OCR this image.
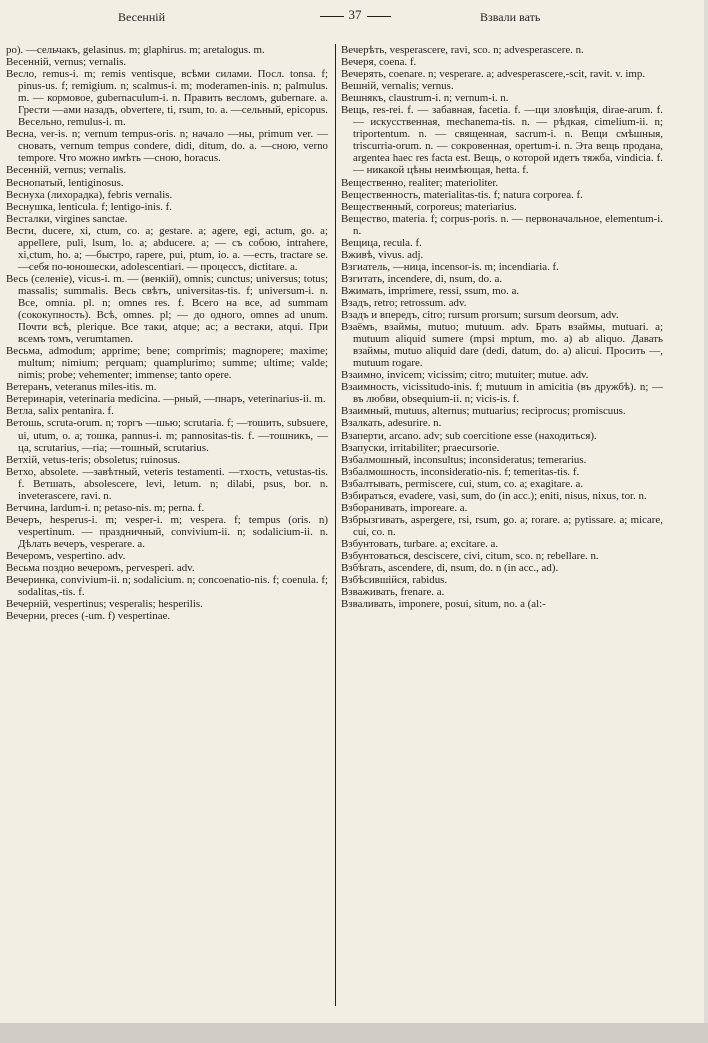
Весенній	37	Взвали вать

ро). —сельчакъ, gelasinus. m; glaphirus. m; aretalogus. m.

Весенній, vernus; vernalis.

Весло, remus-i. m; remis ventisque, всѣми силами. Посл. tonsa. f; pinus-us. f; remigium. n; scalmus-i. m; moderamen-inis. n; palmulus. m. — кормовое, gubernaculum-i. n. Править весломъ, gubernare. a. Грести —ами назадъ, obvertere, ti, rsum, to. a. —сельный, epicopus. Весельно, remulus-i. m.

Весна, ver-is. n; vernum tempus-oris. n; начало —ны, primum ver. —сновать, vernum tempus condere, didi, ditum, do. a. —сною, verno tempore. Что можно имѣть —сною, horacus.

Весенній, vernus; vernalis.

Веснопатый, lentiginosus.

Веснуха (лихорадка), febris vernalis.

Веснушка, lenticula. f; lentigo-inis. f.

Весталки, virgines sanctae.

Вести, ducere, xi, ctum, co. a; gestare. a; agere, egi, actum, go. a; appellere, puli, lsum, lo. a; abducere. a; — съ собою, intrahere, xi,ctum, ho. a; —быстро, rapere, pui, ptum, io. a. —есть, tractare se. —себя по-юношески, adolescentiari. — процессъ, dictitare. a.

Весь (селеніе), vicus-i. m. — (венкій), omnis; cunctus; universus; totus; massalis; summalis. Весь свѣтъ, universitas-tis. f; universum-i. n. Все, omnia. pl. n; omnes res. f. Всего на все, ad summam (сококупность). Всѣ, omnes. pl; — до одного, omnes ad unum. Почти всѣ, plerique. Все таки, atque; ac; а вестаки, atqui. При всемъ томъ, verumtamen.

Весьма, admodum; apprime; bene; comprimis; magnopere; maxime; multum; nimium; perquam; quamplurimo; summe; ultime; valde; nimis; probe; vehementer; immense; tanto opere.

Ветеранъ, veteranus miles-itis. m.

Ветеринарія, veterinaria medicina. —рный, —пнаръ, veterinarius-ii. m.

Ветла, salix pentanira. f.

Ветошь, scruta-orum. n; торгъ —шью; scrutaria. f; —тошить, subsuere, ui, utum, o. a; тошка, pannus-i. m; pannositas-tis. f. —тошникъ, —ца, scrutarius, —ria; —тошный, scrutarius.

Ветхій, vetus-teris; obsoletus; ruinosus.

Ветхо, absolete. —завѣтный, veteris testamenti. —тхость, vetustas-tis. f. Ветшать, absolescere, levi, letum. n; dilabi, psus, bor. n. inveterascere, ravi. n.

Ветчина, lardum-i. n; petaso-nis. m; perna. f.

Вечеръ, hesperus-i. m; vesper-i. m; vespera. f; tempus (oris. n) vespertinum. — праздничный, convivium-ii. n; sodalicium-ii. n. Дѣлать вечеръ, vesperare. a.

Вечеромъ, vespertino. adv.

Весьма поздно вечеромъ, pervesperi. adv.

Вечеринка, convivium-ii. n; sodalicium. n; concoenatio-nis. f; coenula. f; sodalitas,-tis. f.

Вечерній, vespertinus; vesperalis; hesperilis.

Вечерни, preces (-um. f) vespertinae.

Вечерѣть, vesperascere, ravi, sco. n; advesperascere. n.

Вечеря, coena. f.

Вечерять, coenare. n; vesperare. a; advesperascere,-scit, ravit. v. imp.

Вешній, vernalis; vernus.

Вешнякъ, claustrum-i. n; vernum-i. n.

Вещь, res-rei. f. — забавная, facetia. f. —щи зловѣщія, dirae-arum. f. — искусственная, mechanema-tis. n. — рѣдкая, cimelium-ii. n; triportentum. n. — священная, sacrum-i. n. Вещи смѣшныя, triscurria-orum. n. — сокровенная, opertum-i. n. Эта вещь продана, argentea haec res facta est. Вещь, о которой идетъ тяжба, vindicia. f. — никакой цѣны неимѣющая, hetta. f.

Вещественно, realiter; materioliter.

Вещественность, materialitas-tis. f; natura corporea. f.

Вещественный, corporeus; materiarius.

Вещество, materia. f; corpus-poris. n. — первоначальное, elementum-i. n.

Вещица, recula. f.

Вживѣ, vivus. adj.

Взгиатель, —ница, incensor-is. m; incendiaria. f.

Взгитать, incendere, di, nsum, do. a.

Вжимать, imprimere, ressi, ssum, mo. a.

Взадъ, retro; retrossum. adv.

Взадъ и впередъ, citro; rursum prorsum; sursum deorsum, adv.

Взаёмъ, взаймы, mutuo; mutuum. adv. Брать взаймы, mutuari. a; mutuum aliquid sumere (mpsi mptum, mo. a) ab aliquo. Давать взаймы, mutuo aliquid dare (dedi, datum, do. a) alicui. Просить —, mutuum rogare.

Взаимно, invicem; vicissim; citro; mutuiter; mutue. adv.

Взаимность, vicissitudo-inis. f; mutuum in amicitia (въ дружбѣ). n; — въ любви, obsequium-ii. n; vicis-is. f.

Взаимный, mutuus, alternus; mutuarius; reciprocus; promiscuus.

Взалкать, adesurire. n.

Взаперти, arcano. adv; sub coercitione esse (находиться).

Взапуски, irritabiliter; praecursorie.

Взбалмошный, inconsultus; inconsideratus; temerarius.

Взбалмошность, inconsideratio-nis. f; temeritas-tis. f.

Взбалтывать, permiscere, cui, stum, co. a; exagitare. a.

Взбираться, evadere, vasi, sum, do (in acc.); eniti, nisus, nixus, tor. n.

Взборанивать, imporeare. a.

Взбрызгивать, aspergere, rsi, rsum, go. a; rorare. a; pytissare. a; micare, cui, co. n.

Взбунтовать, turbare. a; excitare. a.

Взбунтоваться, desciscere, civi, citum, sco. n; rebellare. n.

Взбѣгать, ascendere, di, nsum, do. n (in acc., ad).

Взбѣсившійся, rabidus.

Взваживать, frenare. a.

Взваливать, imponere, posui, situm, no. a (al:-
